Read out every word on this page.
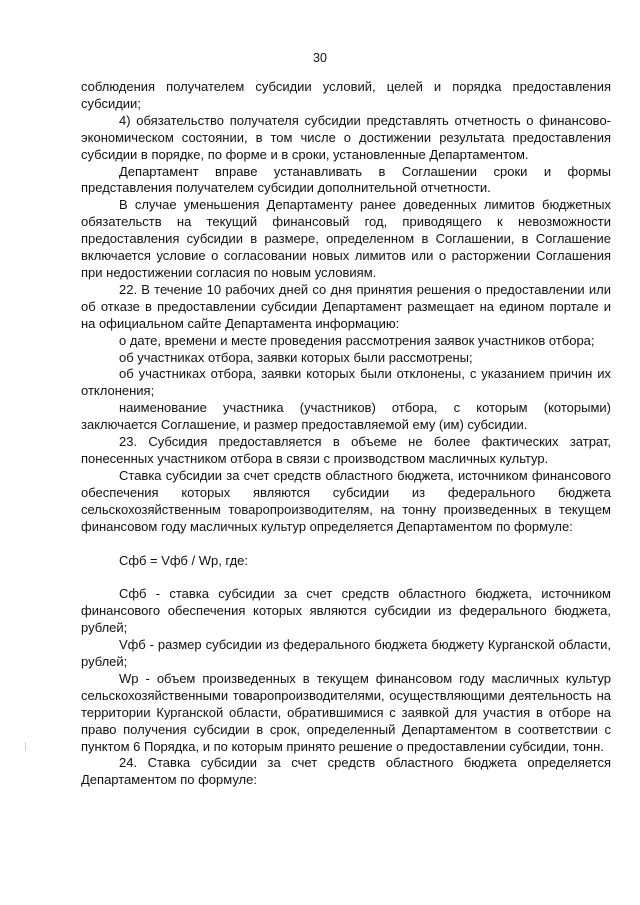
30

соблюдения получателем субсидии условий, целей и порядка предоставления субсидии;

4) обязательство получателя субсидии представлять отчетность о финансово-экономическом состоянии, в том числе о достижении результата предоставления субсидии в порядке, по форме и в сроки, установленные Департаментом.

Департамент вправе устанавливать в Соглашении сроки и формы представления получателем субсидии дополнительной отчетности.

В случае уменьшения Департаменту ранее доведенных лимитов бюджетных обязательств на текущий финансовый год, приводящего к невозможности предоставления субсидии в размере, определенном в Соглашении, в Соглашение включается условие о согласовании новых лимитов или о расторжении Соглашения при недостижении согласия по новым условиям.

22. В течение 10 рабочих дней со дня принятия решения о предоставлении или об отказе в предоставлении субсидии Департамент размещает на едином портале и на официальном сайте Департамента информацию:

о дате, времени и месте проведения рассмотрения заявок участников отбора;

об участниках отбора, заявки которых были рассмотрены;

об участниках отбора, заявки которых были отклонены, с указанием причин их отклонения;

наименование участника (участников) отбора, с которым (которыми) заключается Соглашение, и размер предоставляемой ему (им) субсидии.

23. Субсидия предоставляется в объеме не более фактических затрат, понесенных участником отбора в связи с производством масличных культур.

Ставка субсидии за счет средств областного бюджета, источником финансового обеспечения которых являются субсидии из федерального бюджета сельскохозяйственным товаропроизводителям, на тонну произведенных в текущем финансовом году масличных культур определяется Департаментом по формуле:

Сфб = Vфб / Wp, где:

Сфб - ставка субсидии за счет средств областного бюджета, источником финансового обеспечения которых являются субсидии из федерального бюджета, рублей;

Vфб - размер субсидии из федерального бюджета бюджету Курганской области, рублей;

Wp - объем произведенных в текущем финансовом году масличных культур сельскохозяйственными товаропроизводителями, осуществляющими деятельность на территории Курганской области, обратившимися с заявкой для участия в отборе на право получения субсидии в срок, определенный Департаментом в соответствии с пунктом 6 Порядка, и по которым принято решение о предоставлении субсидии, тонн.

24. Ставка субсидии за счет средств областного бюджета определяется Департаментом по формуле:
